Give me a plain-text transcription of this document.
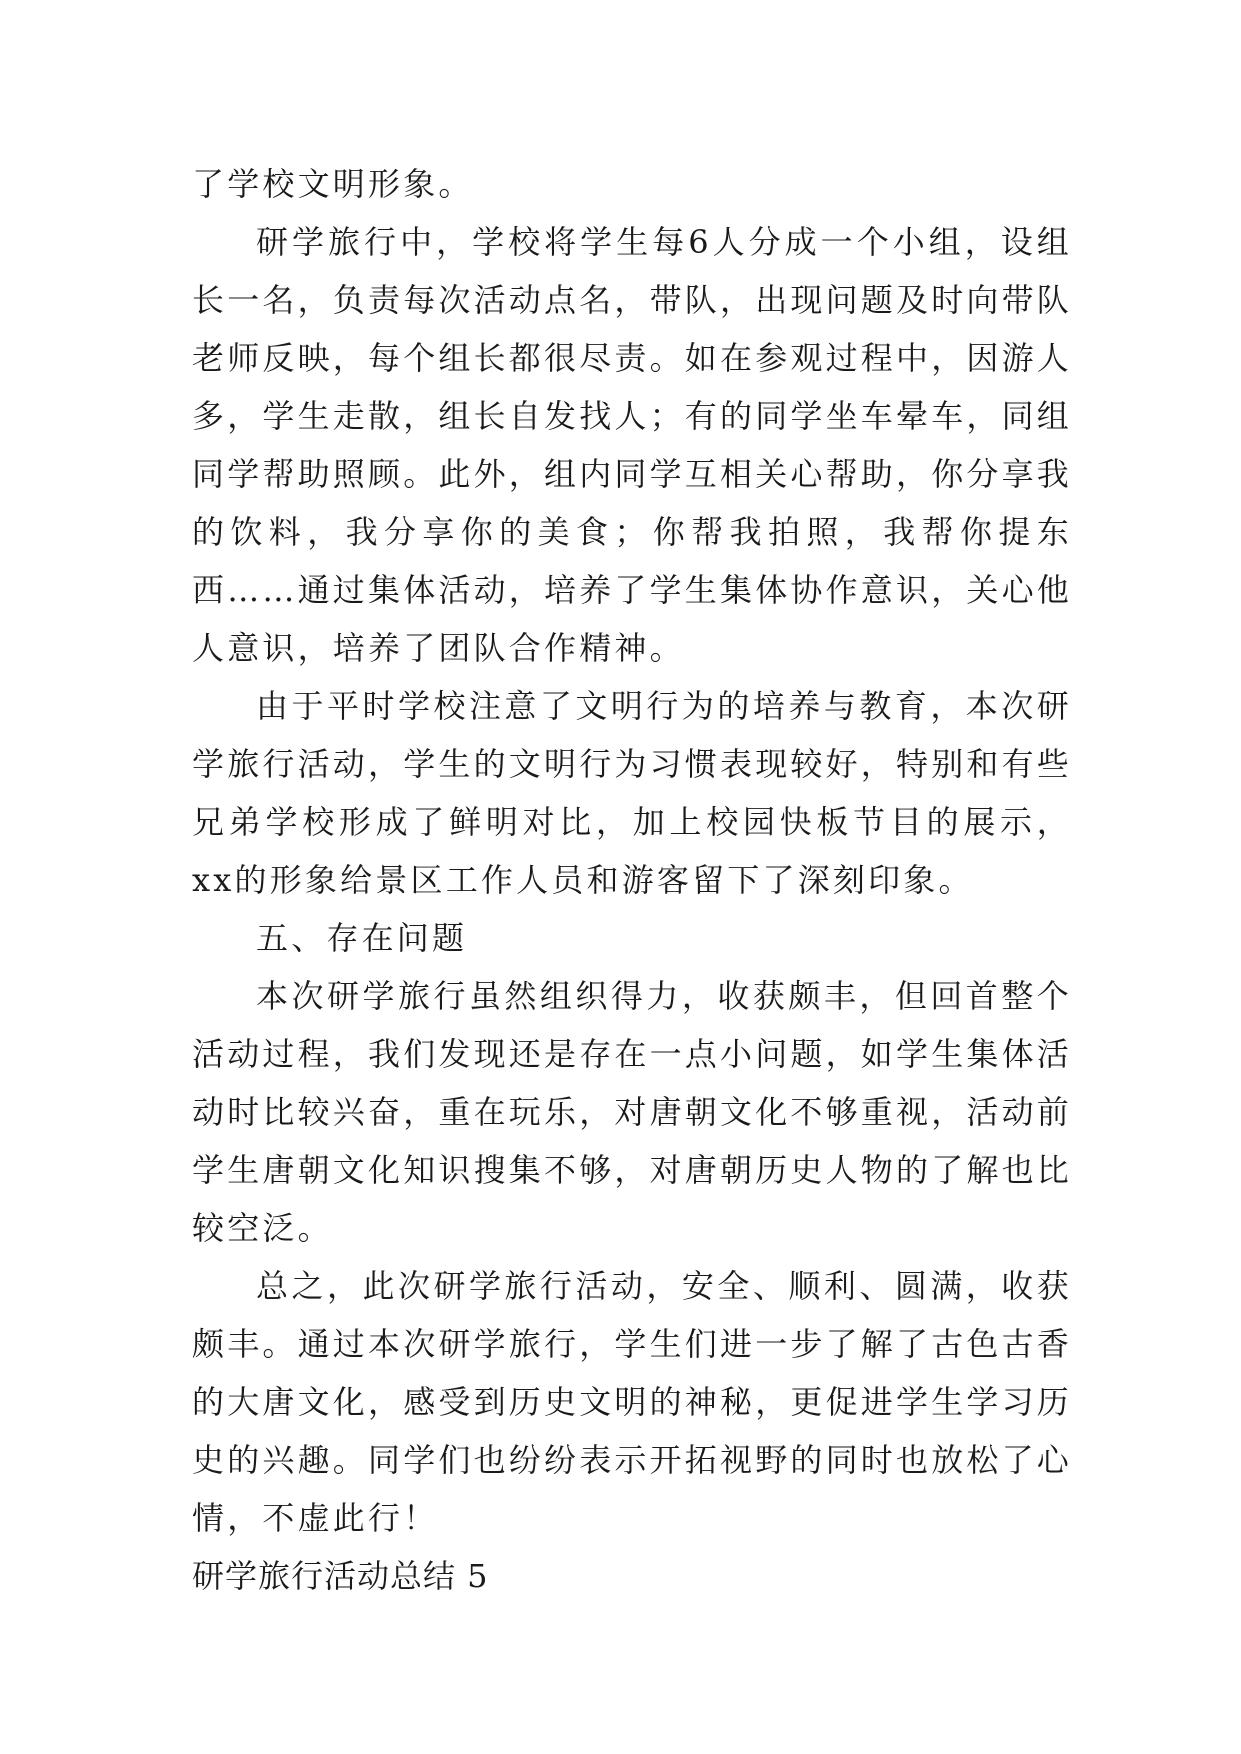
了学校文明形象。

研学旅行中，学校将学生每6人分成一个小组，设组长一名，负责每次活动点名，带队，出现问题及时向带队老师反映，每个组长都很尽责。如在参观过程中，因游人多，学生走散，组长自发找人；有的同学坐车晕车，同组同学帮助照顾。此外，组内同学互相关心帮助，你分享我的饮料，我分享你的美食；你帮我拍照，我帮你提东西……通过集体活动，培养了学生集体协作意识，关心他人意识，培养了团队合作精神。

由于平时学校注意了文明行为的培养与教育，本次研学旅行活动，学生的文明行为习惯表现较好，特别和有些兄弟学校形成了鲜明对比，加上校园快板节目的展示，xx的形象给景区工作人员和游客留下了深刻印象。

五、存在问题

本次研学旅行虽然组织得力，收获颇丰，但回首整个活动过程，我们发现还是存在一点小问题，如学生集体活动时比较兴奋，重在玩乐，对唐朝文化不够重视，活动前学生唐朝文化知识搜集不够，对唐朝历史人物的了解也比较空泛。

总之，此次研学旅行活动，安全、顺利、圆满，收获颇丰。通过本次研学旅行，学生们进一步了解了古色古香的大唐文化，感受到历史文明的神秘，更促进学生学习历史的兴趣。同学们也纷纷表示开拓视野的同时也放松了心情，不虚此行！

研学旅行活动总结 5
